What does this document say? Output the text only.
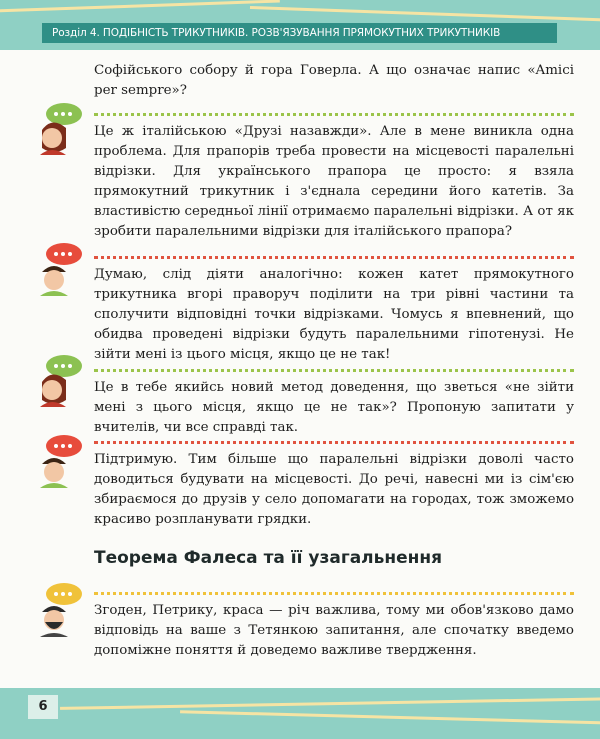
Розділ 4. ПОДІБНІСТЬ ТРИКУТНИКІВ. РОЗВ'ЯЗУВАННЯ ПРЯМОКУТНИХ ТРИКУТНИКІВ
Софійського собору й гора Говерла. А що означає напис «Amici per sempre»?
Це ж італійською «Друзі назавжди». Але в мене виникла одна проблема. Для прапорів треба провести на місцевості паралельні відрізки. Для українського прапора це просто: я взяла прямокутний трикутник і з'єднала середини його катетів. За властивістю середньої лінії отримаємо паралельні відрізки. А от як зробити паралельними відрізки для італійського прапора?
Думаю, слід діяти аналогічно: кожен катет прямокутного трикутника вгорі праворуч поділити на три рівні частини та сполучити відповідні точки відрізками. Чомусь я впевнений, що обидва проведені відрізки будуть паралельними гіпотенузі. Не зійти мені із цього місця, якщо це не так!
Це в тебе якийсь новий метод доведення, що зветься «не зійти мені з цього місця, якщо це не так»? Пропоную запитати у вчителів, чи все справді так.
Підтримую. Тим більше що паралельні відрізки доволі часто доводиться будувати на місцевості. До речі, навесні ми із сім'єю збираємося до друзів у село допомагати на городах, тож зможемо красиво розпланувати грядки.
Теорема Фалеса та її узагальнення
Згоден, Петрику, краса — річ важлива, тому ми обов'язково дамо відповідь на ваше з Тетянкою запитання, але спочатку введемо допоміжне поняття й доведемо важливе твердження.
6
